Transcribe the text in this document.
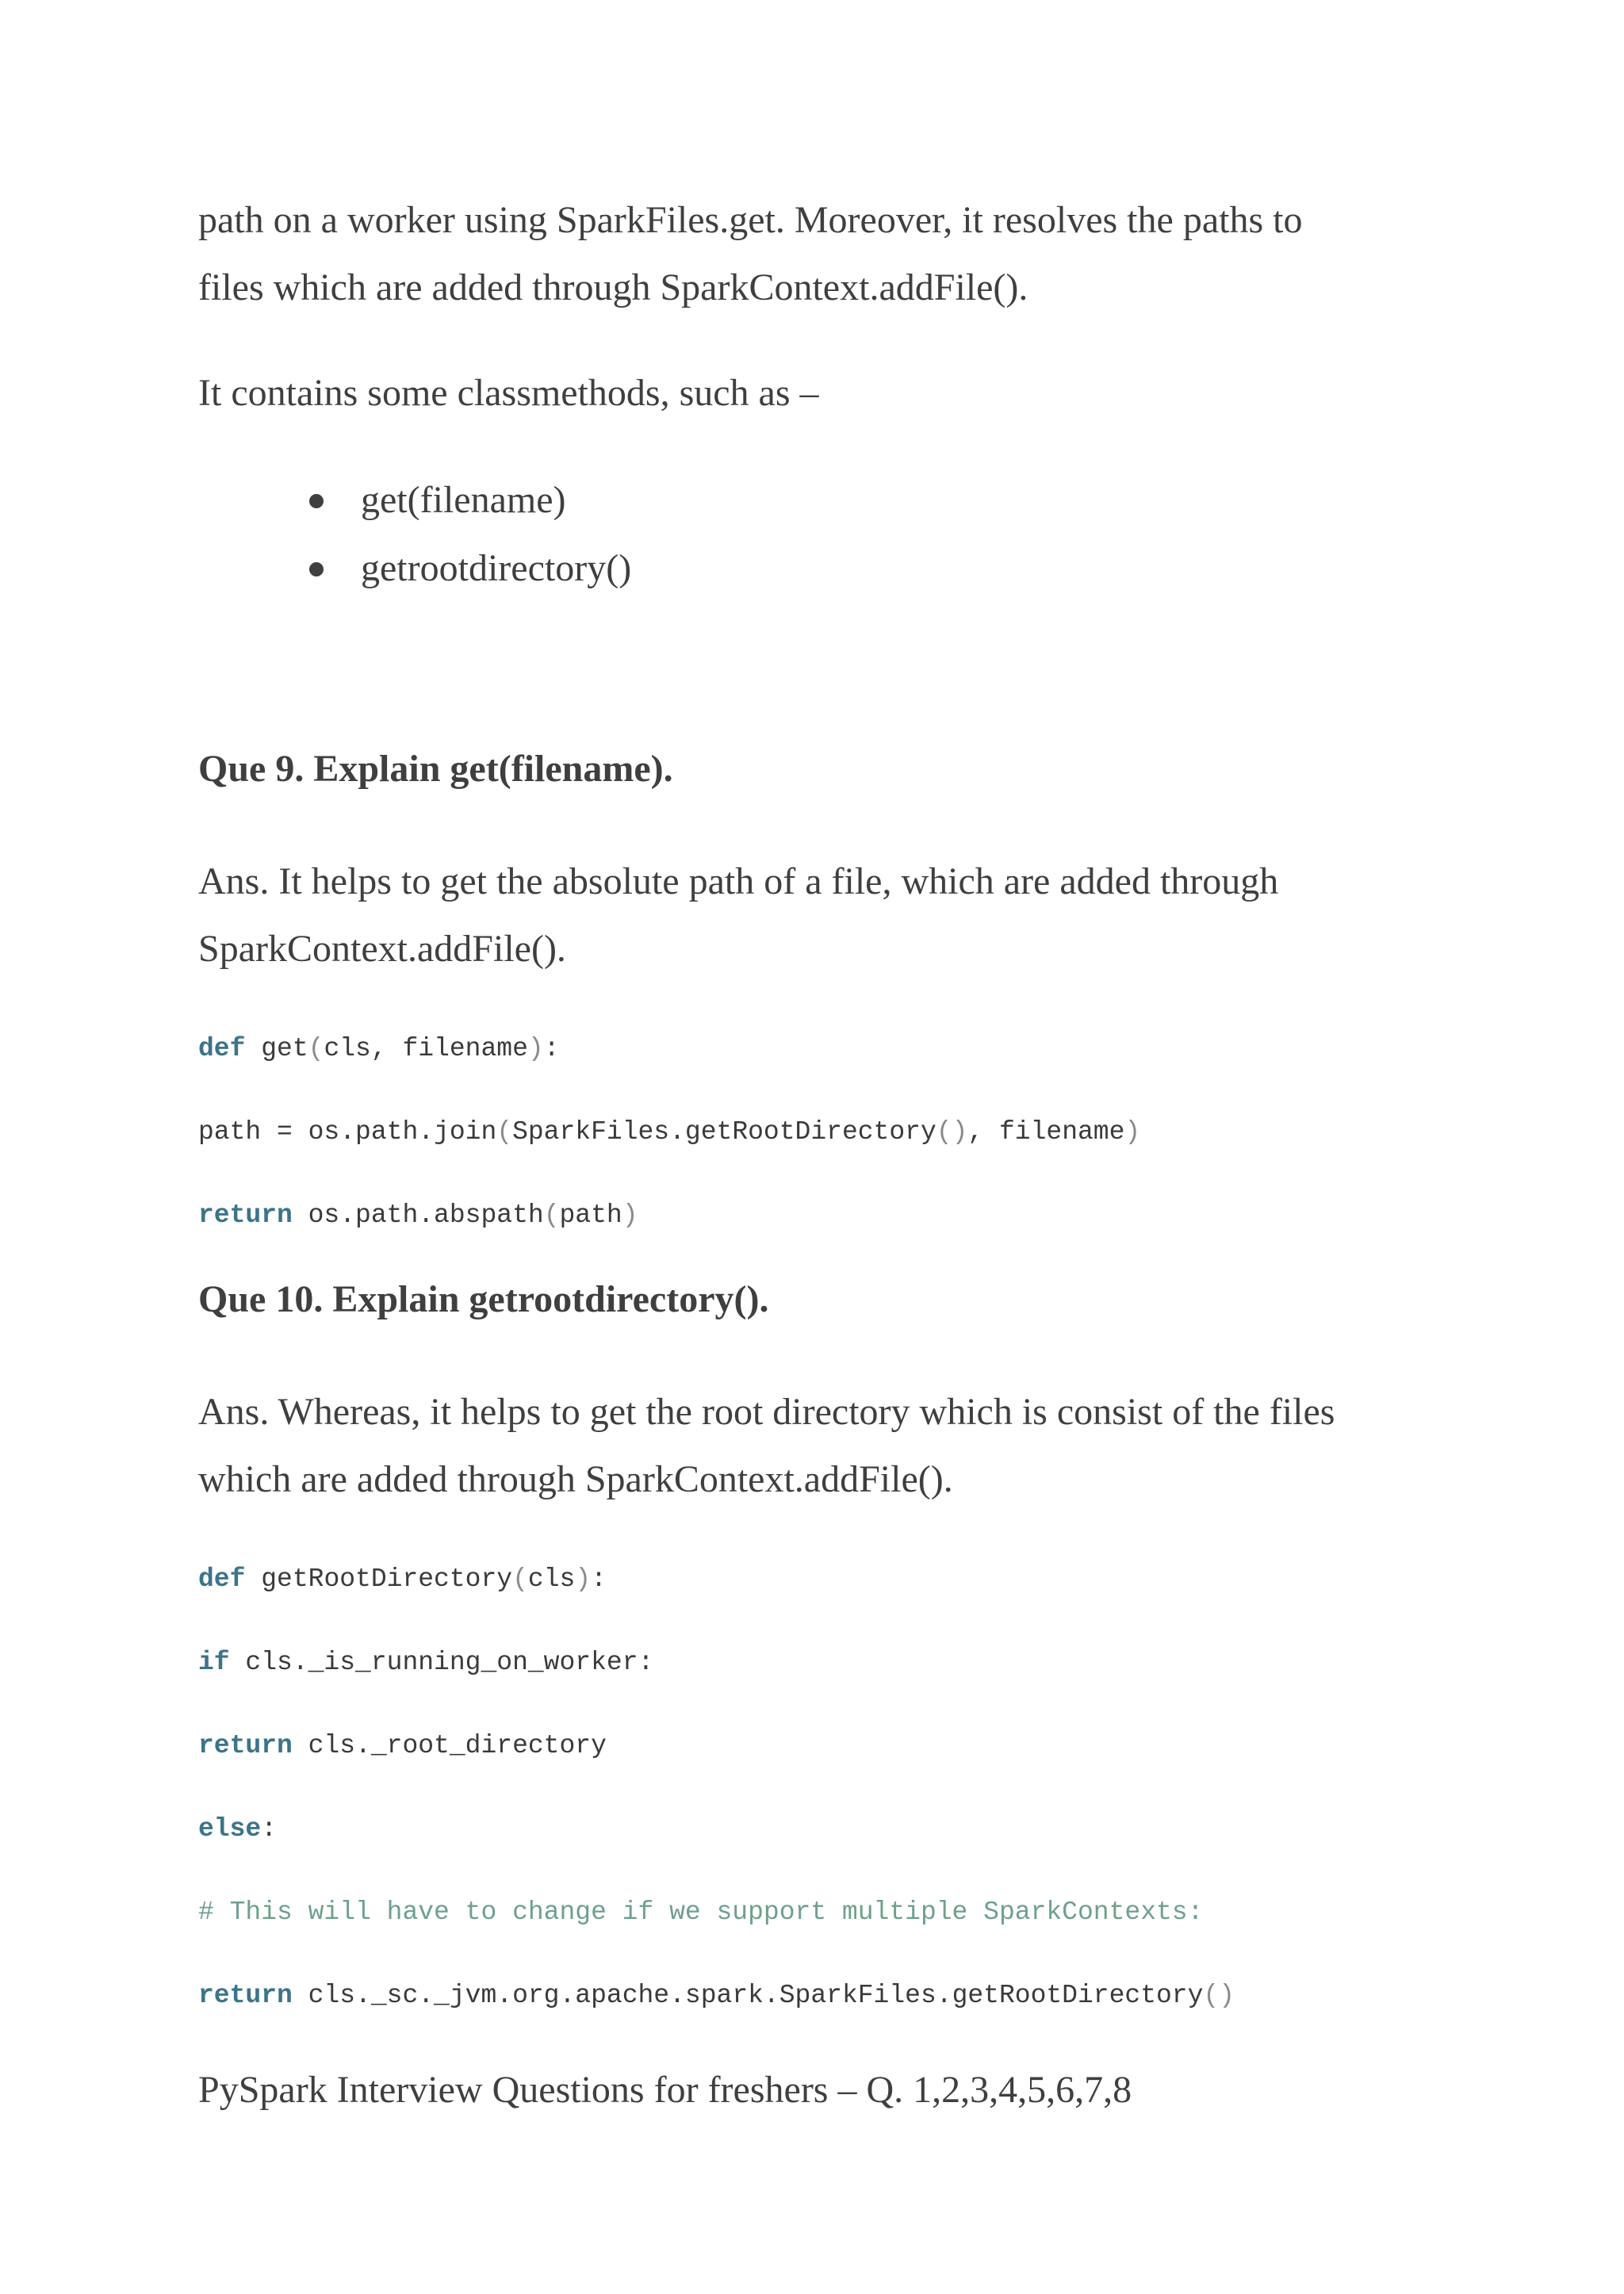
path on a worker using SparkFiles.get. Moreover, it resolves the paths to

files which are added through SparkContext.addFile().

It contains some classmethods, such as –

get(filename)
getrootdirectory()
Que 9. Explain get(filename).

Ans. It helps to get the absolute path of a file, which are added through

SparkContext.addFile().

def get(cls, filename):
path = os.path.join(SparkFiles.getRootDirectory(), filename)
return os.path.abspath(path)
Que 10. Explain getrootdirectory().

Ans. Whereas, it helps to get the root directory which is consist of the files

which are added through SparkContext.addFile().

def getRootDirectory(cls):
if cls._is_running_on_worker:
return cls._root_directory
else:
# This will have to change if we support multiple SparkContexts:
return cls._sc._jvm.org.apache.spark.SparkFiles.getRootDirectory()

PySpark Interview Questions for freshers – Q. 1,2,3,4,5,6,7,8
